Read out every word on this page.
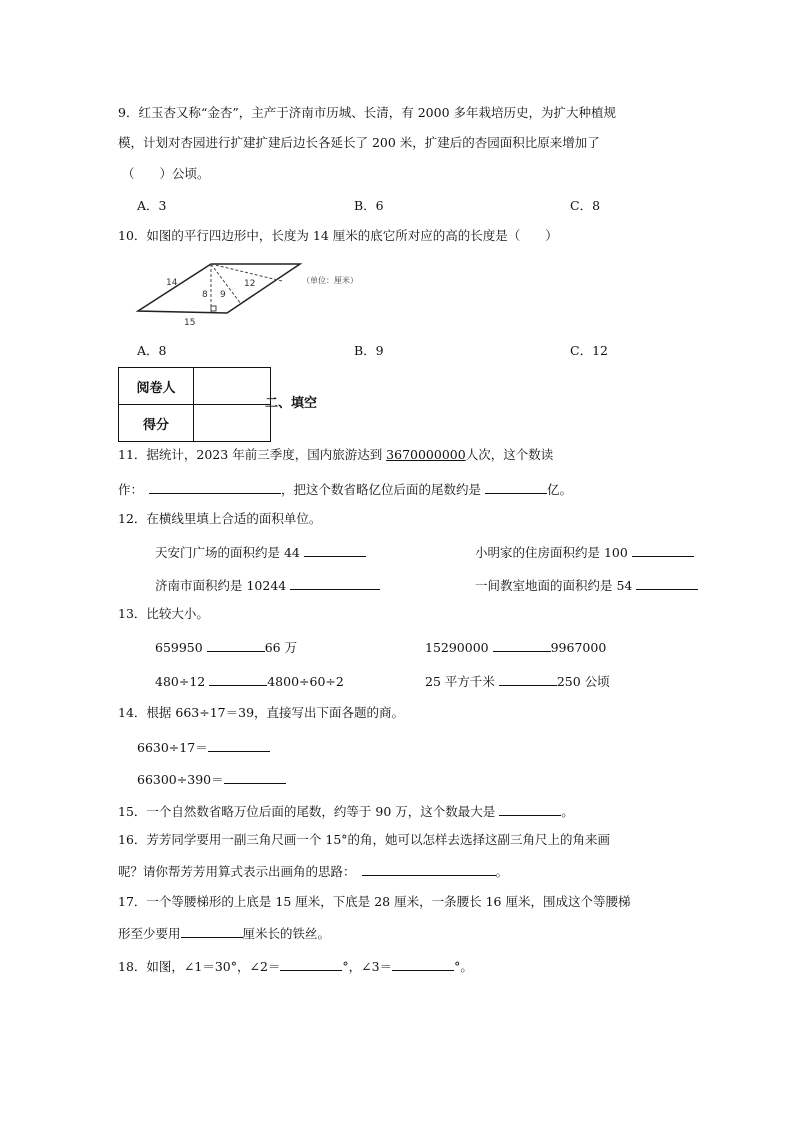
9．红玉杏又称“金杏”，主产于济南市历城、长清，有 2000 多年栽培历史，为扩大种植规
模，计划对杏园进行扩建扩建后边长各延长了 200 米，扩建后的杏园面积比原来增加了
（　　）公顷。
A．3	B．6	C．8
10．如图的平行四边形中，长度为 14 厘米的底它所对应的高的长度是（　　）
14
8 9
12
15
（单位：厘米）
A．8	B．9	C．12
阅卷人	
得分	
二、填空
11．据统计，2023 年前三季度，国内旅游达到 3670000000人次，这个数读
作：	，把这个数省略亿位后面的尾数约是	亿。
12．在横线里填上合适的面积单位。
天安门广场的面积约是 44	小明家的住房面积约是 100
济南市面积约是 10244	一间教室地面的面积约是 54
13．比较大小。
659950	66 万	15290000	9967000
480÷12	4800÷60÷2	25 平方千米	250 公顷
14．根据 663÷17＝39，直接写出下面各题的商。
6630÷17＝
66300÷390＝
15．一个自然数省略万位后面的尾数，约等于 90 万，这个数最大是	。
16．芳芳同学要用一副三角尺画一个 15°的角，她可以怎样去选择这副三角尺上的角来画
呢？请你帮芳芳用算式表示出画角的思路：	。
17．一个等腰梯形的上底是 15 厘米，下底是 28 厘米，一条腰长 16 厘米，围成这个等腰梯
形至少要用	厘米长的铁丝。
18．如图，∠1＝30°，∠2＝	°，∠3＝	°。
